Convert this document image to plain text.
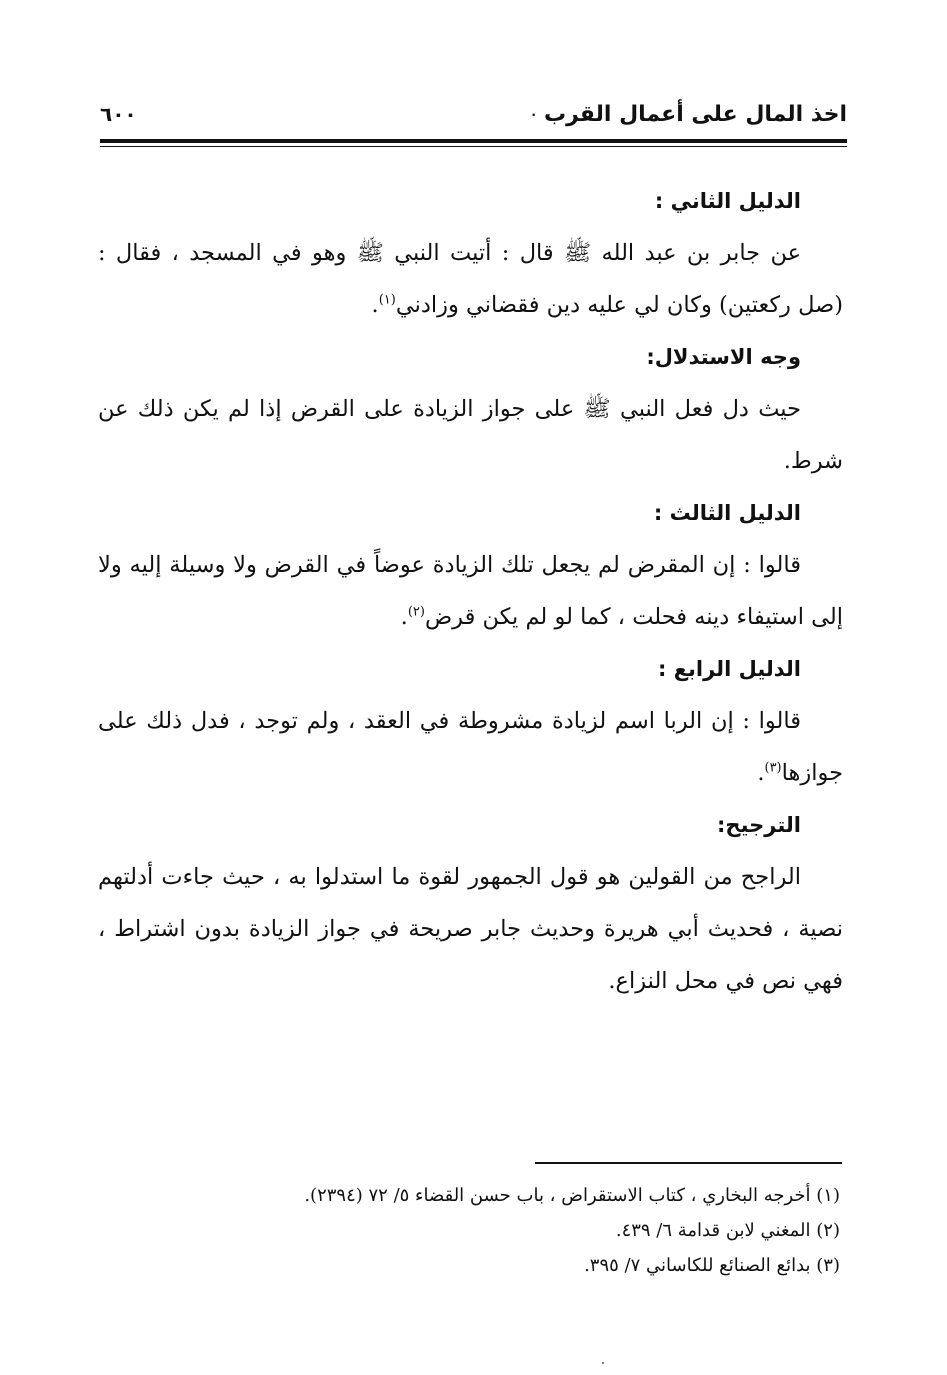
اخذ المال على أعمال القرب·
٦٠٠

الدليل الثاني :

عن جابر بن عبد الله ﷺ قال : أتيت النبي ﷺ وهو في المسجد ، فقال : (صل ركعتين) وكان لي عليه دين فقضاني وزادني$^{(١)}$.

وجه الاستدلال:

حيث دل فعل النبي ﷺ على جواز الزيادة على القرض إذا لم يكن ذلك عن شرط.

الدليل الثالث :

قالوا : إن المقرض لم يجعل تلك الزيادة عوضاً في القرض ولا وسيلة إليه ولا إلى استيفاء دينه فحلت ، كما لو لم يكن قرض$^{(٢)}$.

الدليل الرابع :

قالوا : إن الربا اسم لزيادة مشروطة في العقد ، ولم توجد ، فدل ذلك على جوازها$^{(٣)}$.

الترجيح:

الراجح من القولين هو قول الجمهور لقوة ما استدلوا به ، حيث جاءت أدلتهم نصية ، فحديث أبي هريرة وحديث جابر صريحة في جواز الزيادة بدون اشتراط ، فهي نص في محل النزاع.

(١) أخرجه البخاري ، كتاب الاستقراض ، باب حسن القضاء ٥/ ٧٢ (٢٣٩٤).

(٢) المغني لابن قدامة ٦/ ٤٣٩.

(٣) بدائع الصنائع للكاساني ٧/ ٣٩٥.
